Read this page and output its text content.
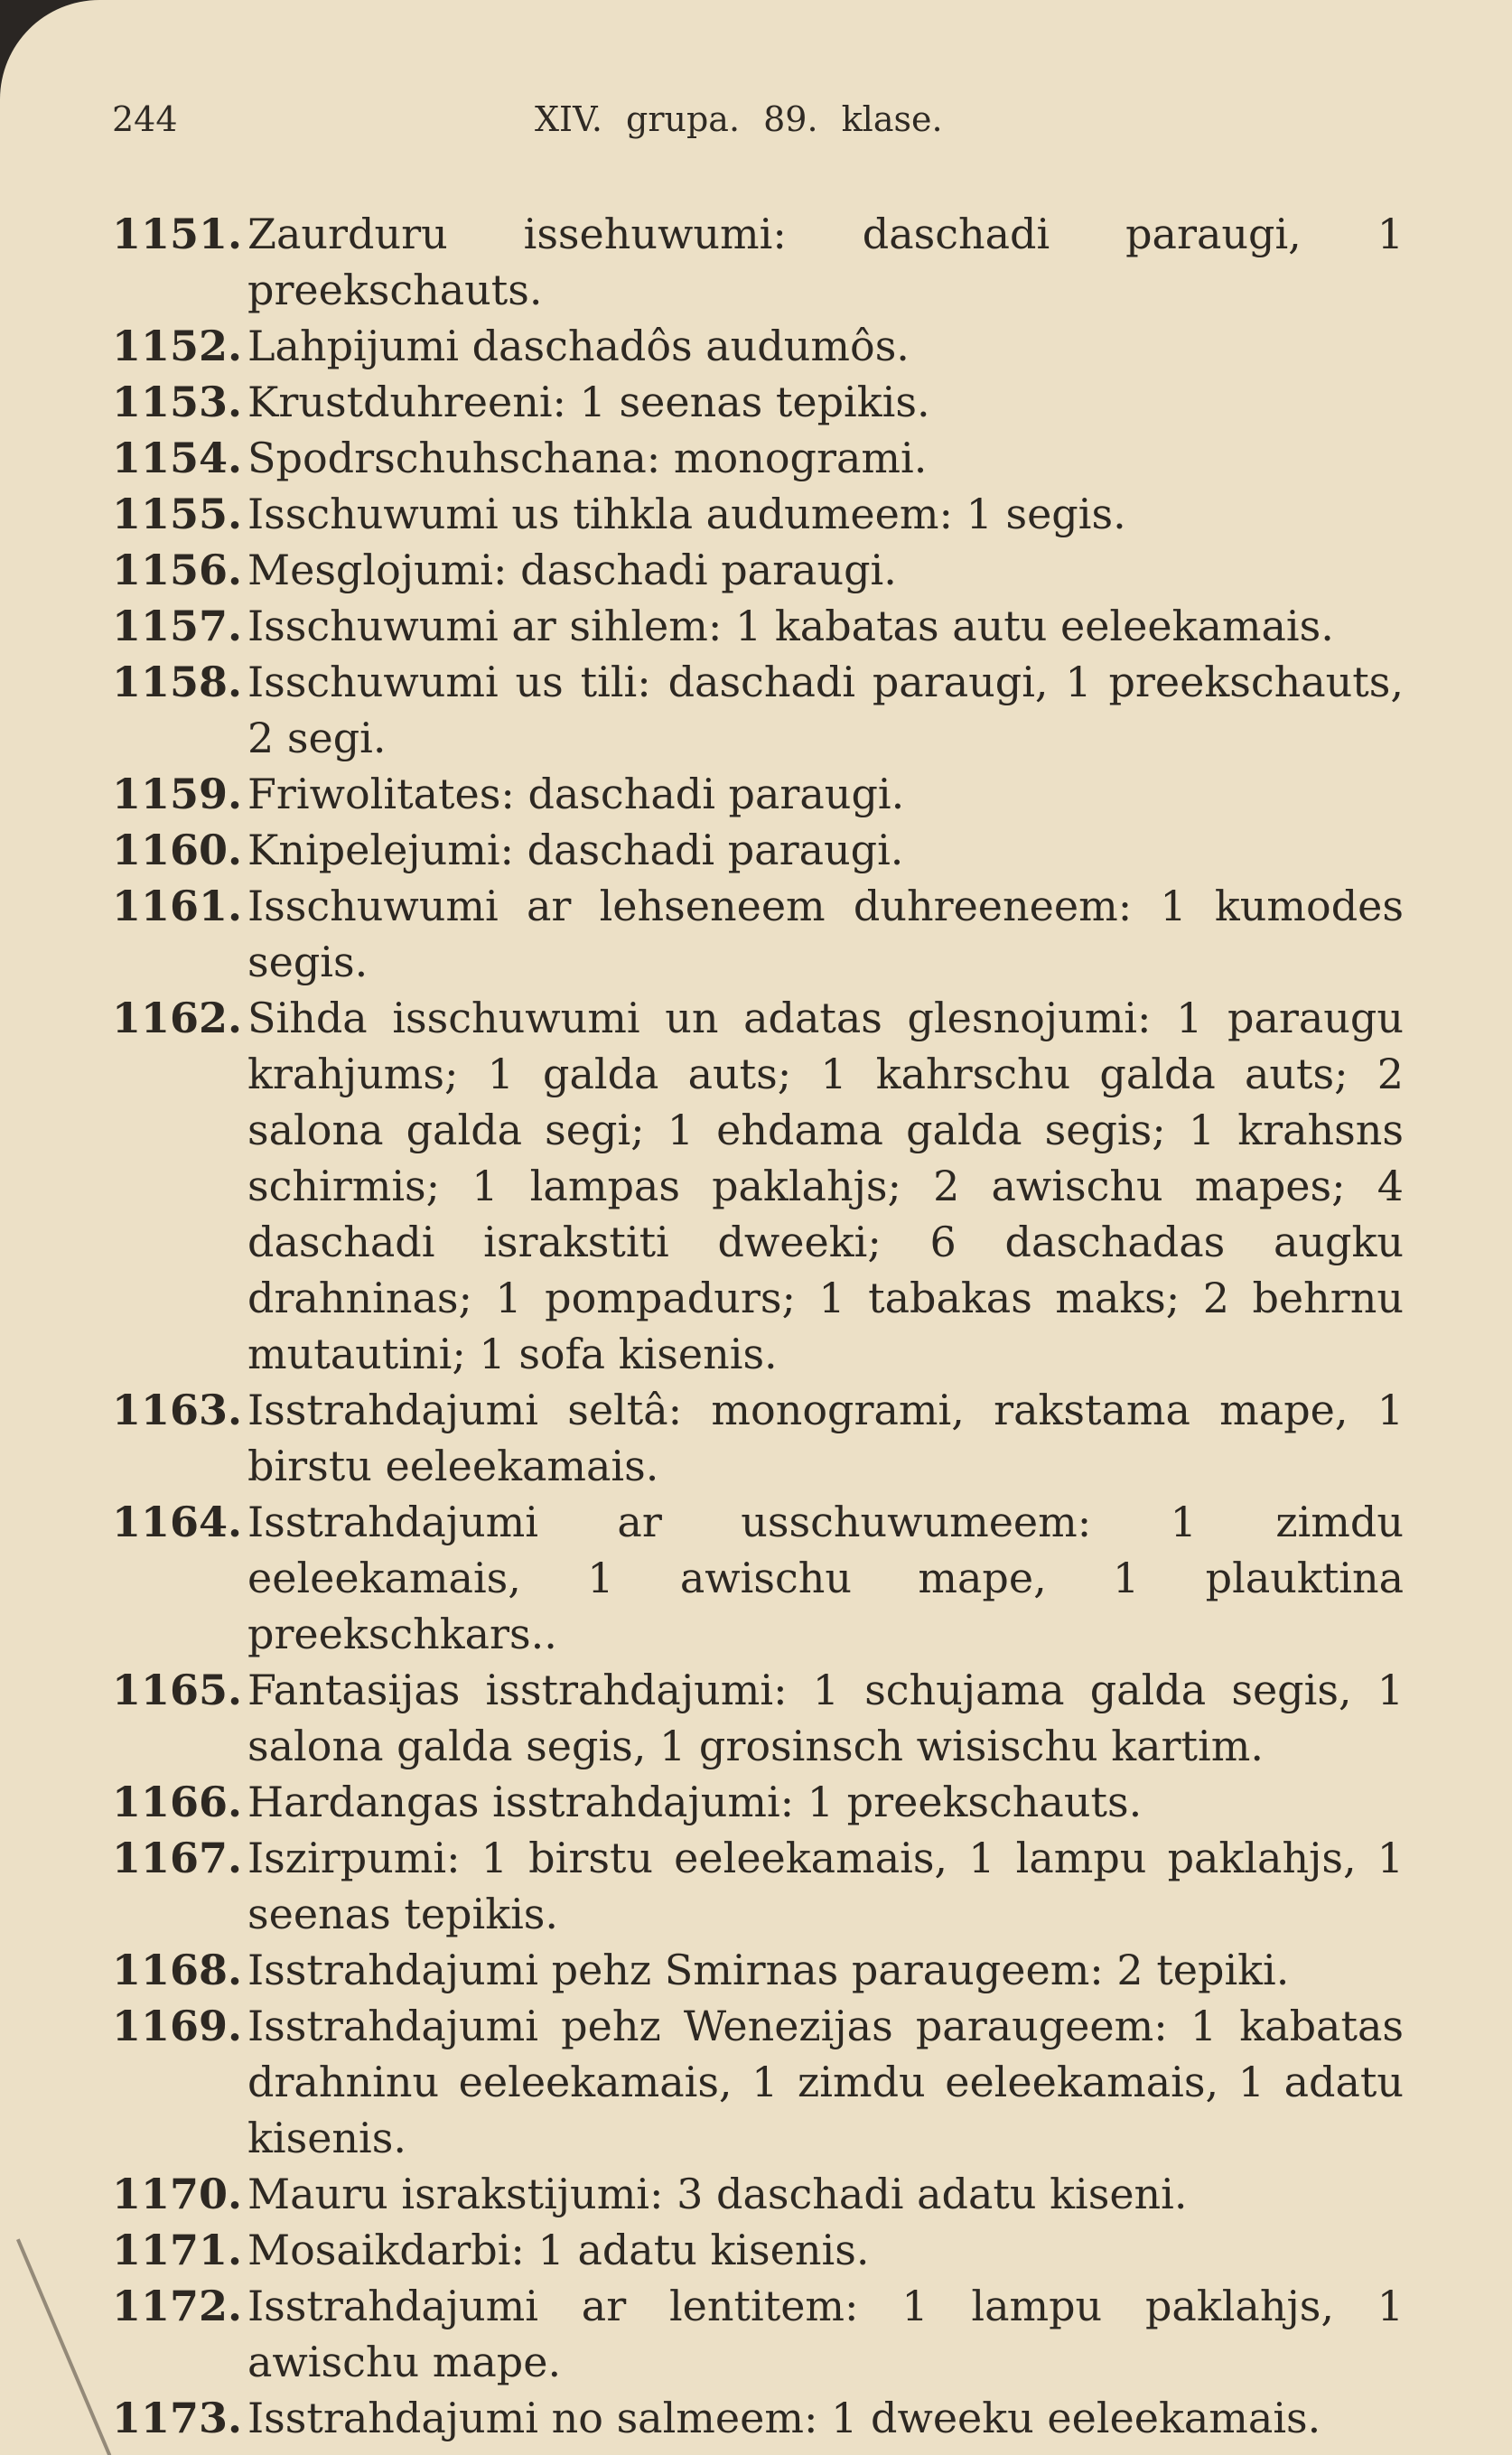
244	XIV. grupa. 89. klase.
1151. Zaurduru issehuwumi: daschadi paraugi, 1 preekschauts.
1152. Lahpijumi daschadôs audumôs.
1153. Krustduhreeni: 1 seenas tepikis.
1154. Spodrschuhschana: monogrami.
1155. Isschuwumi us tihkla audumeem: 1 segis.
1156. Mesglojumi: daschadi paraugi.
1157. Isschuwumi ar sihlem: 1 kabatas autu eeleekamais.
1158. Isschuwumi us tili: daschadi paraugi, 1 preekschauts, 2 segi.
1159. Friwolitates: daschadi paraugi.
1160. Knipelejumi: daschadi paraugi.
1161. Isschuwumi ar lehseneem duhreeneem: 1 kumodes segis.
1162. Sihda isschuwumi un adatas glesnojumi: 1 paraugu krahjums; 1 galda auts; 1 kahrschu galda auts; 2 salona galda segi; 1 ehdama galda segis; 1 krahsns schirmis; 1 lampas paklahjs; 2 awischu mapes; 4 daschadi israkstiti dweeki; 6 daschadas augku drahninas; 1 pompadurs; 1 tabakas maks; 2 behrnu mutautini; 1 sofa kisenis.
1163. Isstrahdajumi seltâ: monogrami, rakstama mape, 1 birstu eeleekamais.
1164. Isstrahdajumi ar usschuwumeem: 1 zimdu eeleekamais, 1 awischu mape, 1 plauktina preekschkars..
1165. Fantasijas isstrahdajumi: 1 schujama galda segis, 1 salona galda segis, 1 grosinsch wisischu kartim.
1166. Hardangas isstrahdajumi: 1 preekschauts.
1167. Iszirpumi: 1 birstu eeleekamais, 1 lampu paklahjs, 1 seenas tepikis.
1168. Isstrahdajumi pehz Smirnas paraugeem: 2 tepiki.
1169. Isstrahdajumi pehz Wenezijas paraugeem: 1 kabatas drahninu eeleekamais, 1 zimdu eeleekamais, 1 adatu kisenis.
1170. Mauru israkstijumi: 3 daschadi adatu kiseni.
1171. Mosaikdarbi: 1 adatu kisenis.
1172. Isstrahdajumi ar lentitem: 1 lampu paklahjs, 1 awischu mape.
1173. Isstrahdajumi no salmeem: 1 dweeku eeleekamais.
